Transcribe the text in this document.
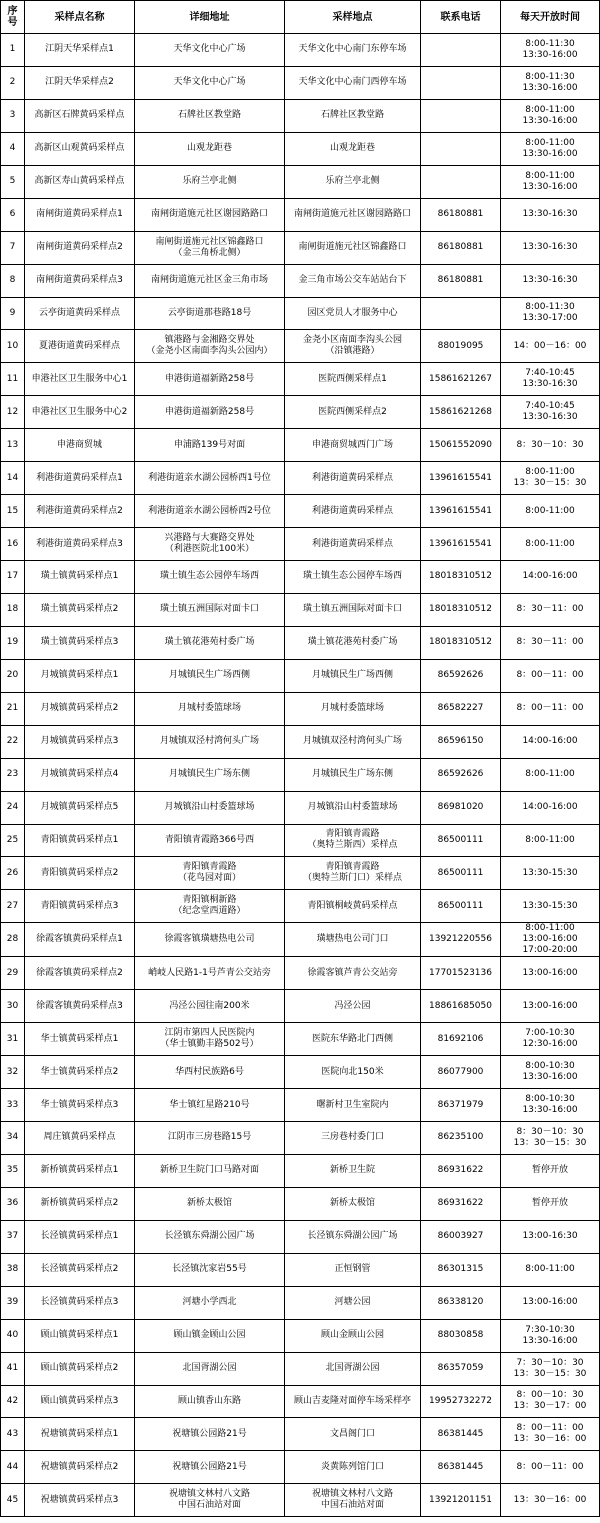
序号	采样点名称	详细地址	采样地点	联系电话	每天开放时间
1	江阴天华采样点1	天华文化中心广场	天华文化中心南门东停车场		8:00-11:30
13:30-16:00
2	江阴天华采样点2	天华文化中心广场	天华文化中心南门西停车场		8:00-11:30
13:30-16:00
3	高新区石牌黄码采样点	石牌社区教堂路	石牌社区教堂路		8:00-11:00
13:30-16:00
4	高新区山观黄码采样点	山观龙距巷	山观龙距巷		8:00-11:00
13:30-16:00
5	高新区寿山黄码采样点	乐府兰亭北侧	乐府兰亭北侧		8:00-11:00
13:30-16:00
6	南闸街道黄码采样点1	南闸街道施元社区谢园路路口	南闸街道施元社区谢园路路口	86180881	13:30-16:30
7	南闸街道黄码采样点2	南闸街道施元社区锦鑫路口
（金三角桥北侧）	南闸街道施元社区锦鑫路口	86180881	13:30-16:30
8	南闸街道黄码采样点3	南闸街道施元社区金三角市场	金三角市场公交车站站台下	86180881	13:30-16:30
9	云亭街道黄码采样点	云亭街道那巷路18号	园区党员人才服务中心		8:00-11:30
13:30-17:00
10	夏港街道黄码采样点	镇港路与金湘路交界处
（金尧小区南面李沟头公园内）	金尧小区南面李沟头公园
（沿镇港路）	88019095	14：00－16：00
11	申港社区卫生服务中心1	申港街道福新路258号	医院西侧采样点1	15861621267	7:40-10:45
13:30-16:30
12	申港社区卫生服务中心2	申港街道福新路258号	医院西侧采样点2	15861621268	7:40-10:45
13:30-16:30
13	申港商贸城	申浦路139号对面	申港商贸城西门广场	15061552090	8：30－10：30
14	利港街道黄码采样点1	利港街道亲水湖公园桥西1号位	利港街道黄码采样点	13961615541	8:00-11:00
13：30－15：30
15	利港街道黄码采样点2	利港街道亲水湖公园桥西2号位	利港街道黄码采样点	13961615541	8:00-11:00
16	利港街道黄码采样点3	兴港路与大赛路交界处
（利港医院北100米）	利港街道黄码采样点	13961615541	8:00-11:00
17	璜土镇黄码采样点1	璜土镇生态公园停车场西	璜土镇生态公园停车场西	18018310512	14:00-16:00
18	璜土镇黄码采样点2	璜土镇五洲国际对面卡口	璜土镇五洲国际对面卡口	18018310512	8：30－11：00
19	璜土镇黄码采样点3	璜土镇花港苑村委广场	璜土镇花港苑村委广场	18018310512	8：30－11：00
20	月城镇黄码采样点1	月城镇民生广场西侧	月城镇民生广场西侧	86592626	8：00－11：00
21	月城镇黄码采样点2	月城村委篮球场	月城村委篮球场	86582227	8：00－11：00
22	月城镇黄码采样点3	月城镇双泾村湾何头广场	月城镇双泾村湾何头广场	86596150	14:00-16:00
23	月城镇黄码采样点4	月城镇民生广场东侧	月城镇民生广场东侧	86592626	8:00-11:00
24	月城镇黄码采样点5	月城镇沿山村委篮球场	月城镇沿山村委篮球场	86981020	14:00-16:00
25	青阳镇黄码采样点1	青阳镇青霞路366号西	青阳镇青霞路
（奥特兰斯西）采样点	86500111	8:00-11:00
26	青阳镇黄码采样点2	青阳镇青霞路
（花鸟园对面）	青阳镇青霞路
（奥特兰斯门口）采样点	86500111	13:30-15:30
27	青阳镇黄码采样点3	青阳镇桐新路
（纪念堂西道路）	青阳镇桐岐黄码采样点	86500111	13:30-15:30
28	徐霞客镇黄码采样点1	徐霞客镇璜塘热电公司	璜塘热电公司门口	13921220556	8:00-11:00
13:00-16:00
17:00-20:00
29	徐霞客镇黄码采样点2	峭岐人民路1-1号芦青公交站旁	徐霞客镇芦青公交站旁	17701523136	13:00-16:00
30	徐霞客镇黄码采样点3	冯泾公园往南200米	冯泾公园	18861685050	13:00-16:00
31	华士镇黄码采样点1	江阴市第四人民医院内
（华士镇勤丰路502号）	医院东华路北门西侧	81692106	7:00-10:30
12:30-16:00
32	华士镇黄码采样点2	华西村民族路6号	医院向北150米	86077900	8:00-10:30
13:30-16:00
33	华士镇黄码采样点3	华士镇红星路210号	曙新村卫生室院内	86371979	8:00-10:30
13:30-16:00
34	周庄镇黄码采样点	江阴市三房巷路15号	三房巷村委门口	86235100	8：30－10：30
13：30－15：30
35	新桥镇黄码采样点1	新桥卫生院门口马路对面	新桥卫生院	86931622	暂停开放
36	新桥镇黄码采样点2	新桥太极馆	新桥太极馆	86931622	暂停开放
37	长泾镇黄码采样点1	长泾镇东舜湖公园广场	长泾镇东舜湖公园广场	86003927	13:00-16:30
38	长泾镇黄码采样点2	长泾镇沈家岩55号	正恒钢管	86301315	8:00-11:00
39	长泾镇黄码采样点3	河塘小学西北	河塘公园	86338120	13:00-16:00
40	顾山镇黄码采样点1	顾山镇金顾山公园	顾山金顾山公园	88030858	7:30-10:30
13:30-16:00
41	顾山镇黄码采样点2	北国胥湖公园	北国胥湖公园	86357059	7：30－10：30
13：30－15：30
42	顾山镇黄码采样点3	顾山镇香山东路	顾山吉麦隆对面停车场采样亭	19952732272	8：00－10：30
13：30－17：00
43	祝塘镇黄码采样点1	祝塘镇公园路21号	文昌阁门口	86381445	8：00－11：00
13：30－16：00
44	祝塘镇黄码采样点2	祝塘镇公园路21号	炎黄陈列馆门口	86381445	8：00－11：00
45	祝塘镇黄码采样点3	祝塘镇文林村八文路
中国石油站对面	祝塘镇文林村八文路
中国石油站对面	13921201151	13：30－16：00
